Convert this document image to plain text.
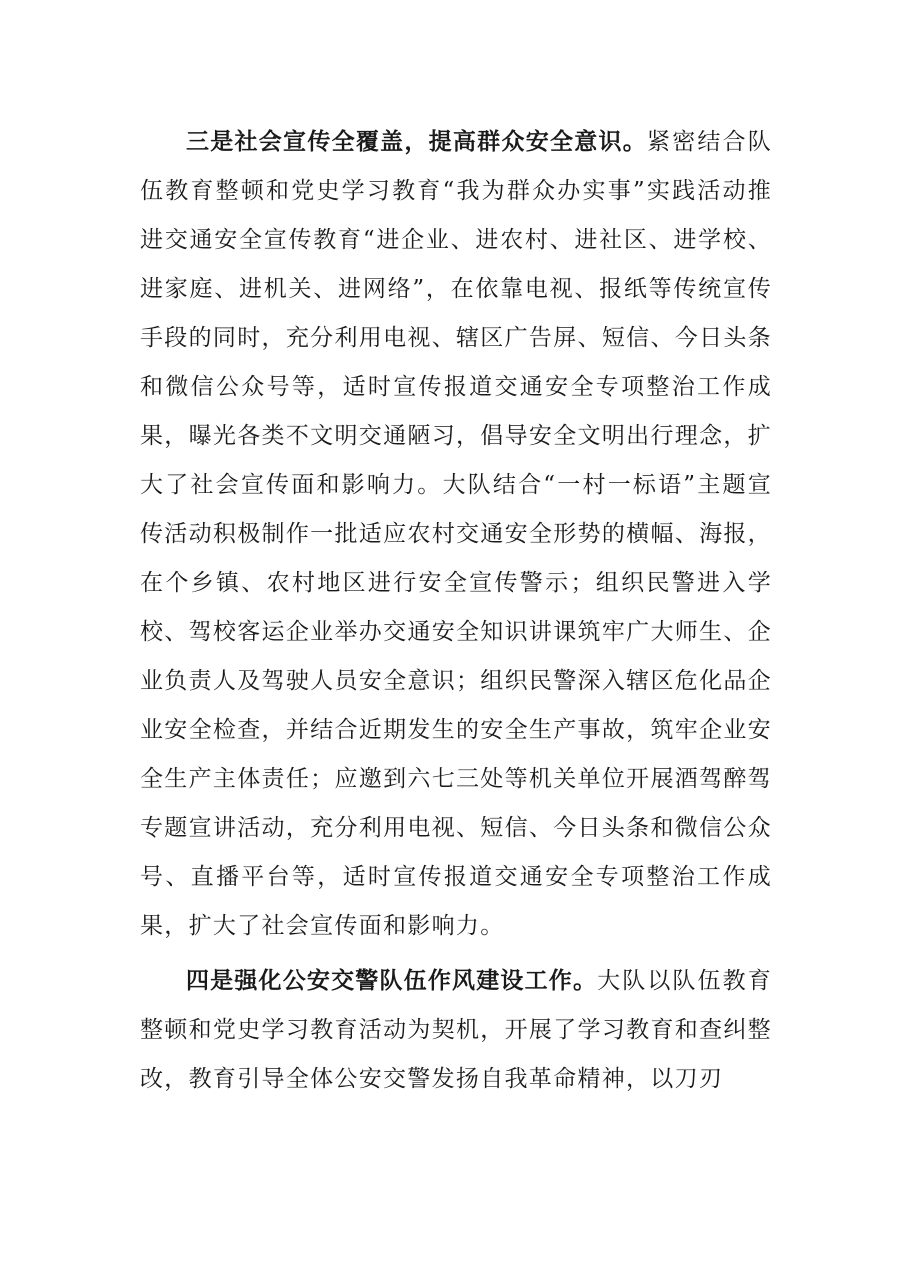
三是社会宣传全覆盖，提高群众安全意识。紧密结合队伍教育整顿和党史学习教育“我为群众办实事”实践活动推进交通安全宣传教育“进企业、进农村、进社区、进学校、进家庭、进机关、进网络”，在依靠电视、报纸等传统宣传手段的同时，充分利用电视、辖区广告屏、短信、今日头条和微信公众号等，适时宣传报道交通安全专项整治工作成果，曝光各类不文明交通陋习，倡导安全文明出行理念，扩大了社会宣传面和影响力。大队结合“一村一标语”主题宣传活动积极制作一批适应农村交通安全形势的横幅、海报，在个乡镇、农村地区进行安全宣传警示；组织民警进入学校、驾校客运企业举办交通安全知识讲课筑牢广大师生、企业负责人及驾驶人员安全意识；组织民警深入辖区危化品企业安全检查，并结合近期发生的安全生产事故，筑牢企业安全生产主体责任；应邀到六七三处等机关单位开展酒驾醉驾专题宣讲活动，充分利用电视、短信、今日头条和微信公众号、直播平台等，适时宣传报道交通安全专项整治工作成果，扩大了社会宣传面和影响力。

四是强化公安交警队伍作风建设工作。大队以队伍教育整顿和党史学习教育活动为契机，开展了学习教育和查纠整改，教育引导全体公安交警发扬自我革命精神，以刀刃
